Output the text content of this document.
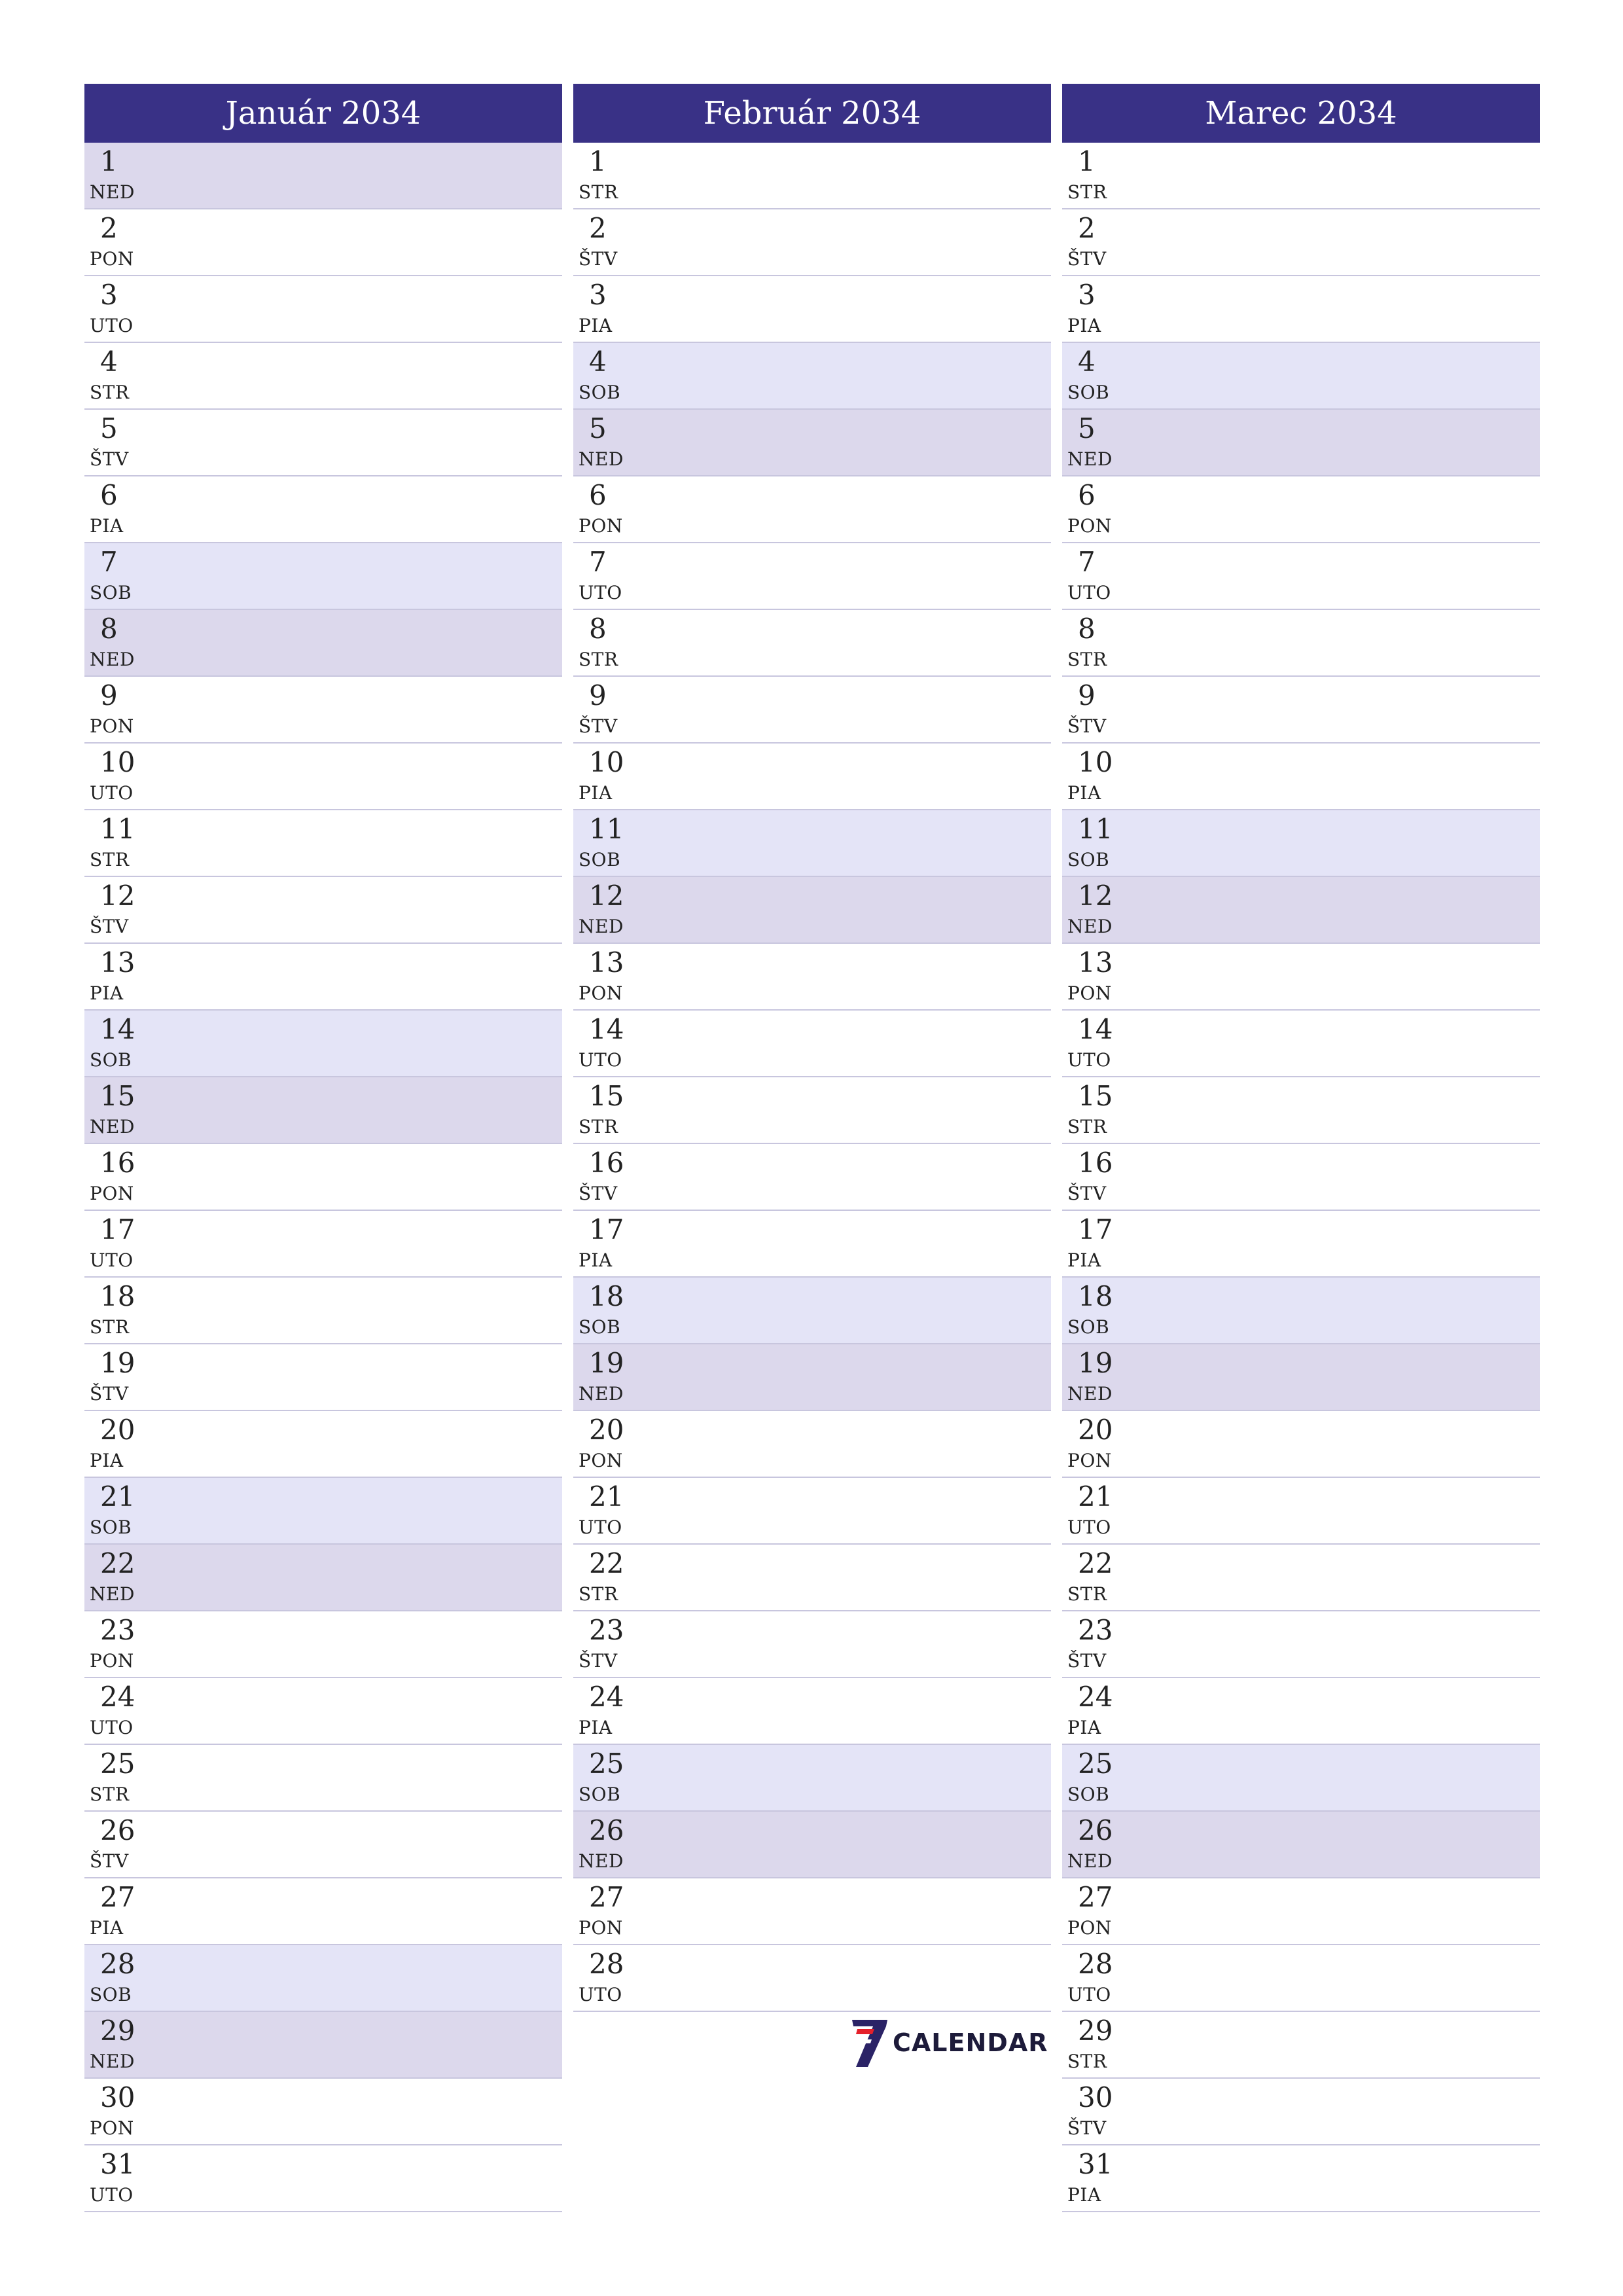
Január 2034
1
NED
2
PON
3
UTO
4
STR
5
ŠTV
6
PIA
7
SOB
8
NED
9
PON
10
UTO
11
STR
12
ŠTV
13
PIA
14
SOB
15
NED
16
PON
17
UTO
18
STR
19
ŠTV
20
PIA
21
SOB
22
NED
23
PON
24
UTO
25
STR
26
ŠTV
27
PIA
28
SOB
29
NED
30
PON
31
UTO
Február 2034
1
STR
2
ŠTV
3
PIA
4
SOB
5
NED
6
PON
7
UTO
8
STR
9
ŠTV
10
PIA
11
SOB
12
NED
13
PON
14
UTO
15
STR
16
ŠTV
17
PIA
18
SOB
19
NED
20
PON
21
UTO
22
STR
23
ŠTV
24
PIA
25
SOB
26
NED
27
PON
28
UTO
Marec 2034
1
STR
2
ŠTV
3
PIA
4
SOB
5
NED
6
PON
7
UTO
8
STR
9
ŠTV
10
PIA
11
SOB
12
NED
13
PON
14
UTO
15
STR
16
ŠTV
17
PIA
18
SOB
19
NED
20
PON
21
UTO
22
STR
23
ŠTV
24
PIA
25
SOB
26
NED
27
PON
28
UTO
29
STR
30
ŠTV
31
PIA
CALENDAR
